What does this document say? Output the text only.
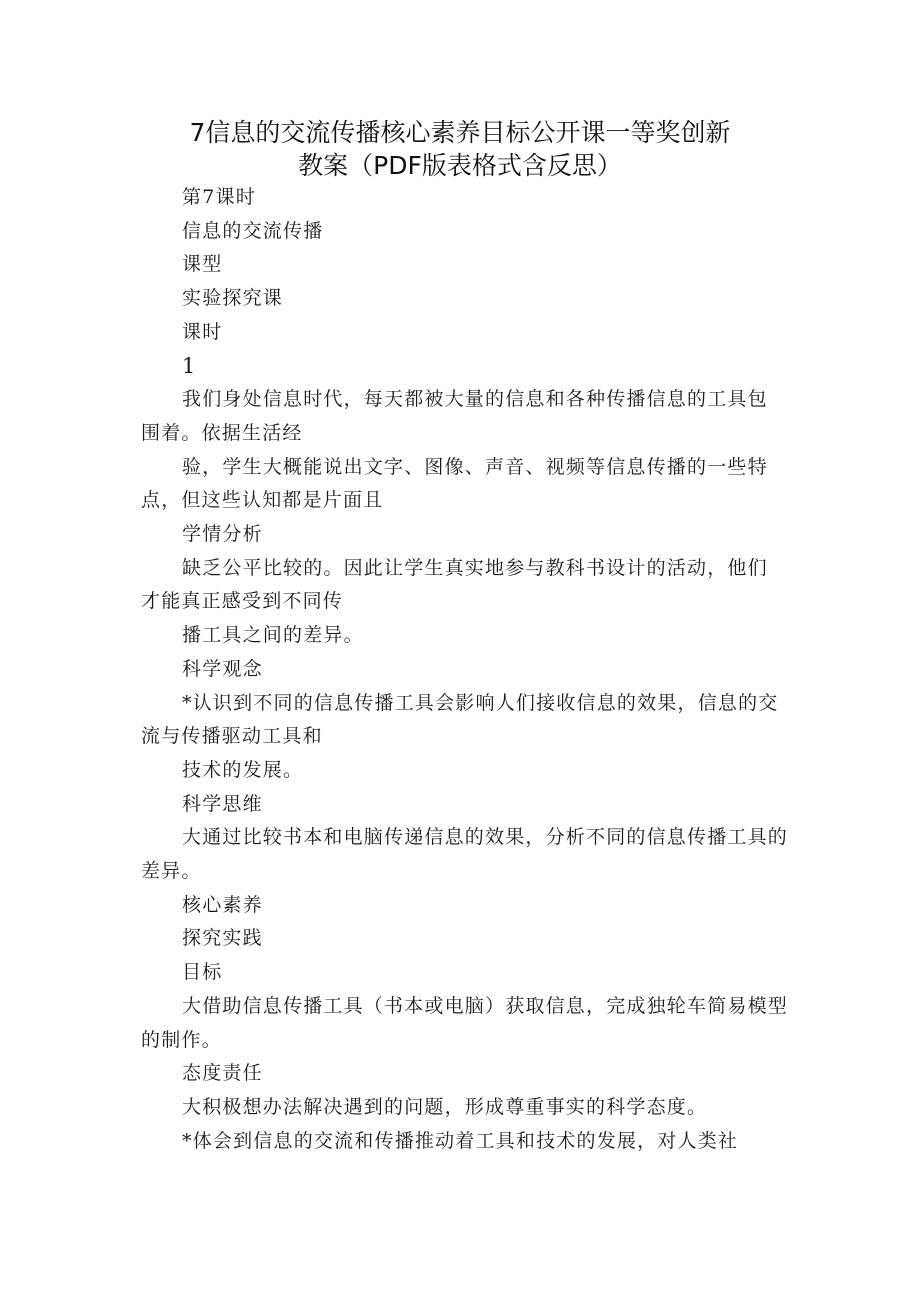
7信息的交流传播核心素养目标公开课一等奖创新
教案（PDF版表格式含反思）

第7课时

信息的交流传播

课型

实验探究课

课时

1

我们身处信息时代，每天都被大量的信息和各种传播信息的工具包

围着。依据生活经

验，学生大概能说出文字、图像、声音、视频等信息传播的一些特

点，但这些认知都是片面且

学情分析

缺乏公平比较的。因此让学生真实地参与教科书设计的活动，他们

才能真正感受到不同传

播工具之间的差异。

科学观念

*认识到不同的信息传播工具会影响人们接收信息的效果，信息的交

流与传播驱动工具和

技术的发展。

科学思维

大通过比较书本和电脑传递信息的效果，分析不同的信息传播工具的

差异。

核心素养

探究实践

目标

大借助信息传播工具（书本或电脑）获取信息，完成独轮车简易模型

的制作。

态度责任

大积极想办法解决遇到的问题，形成尊重事实的科学态度。

*体会到信息的交流和传播推动着工具和技术的发展，对人类社
